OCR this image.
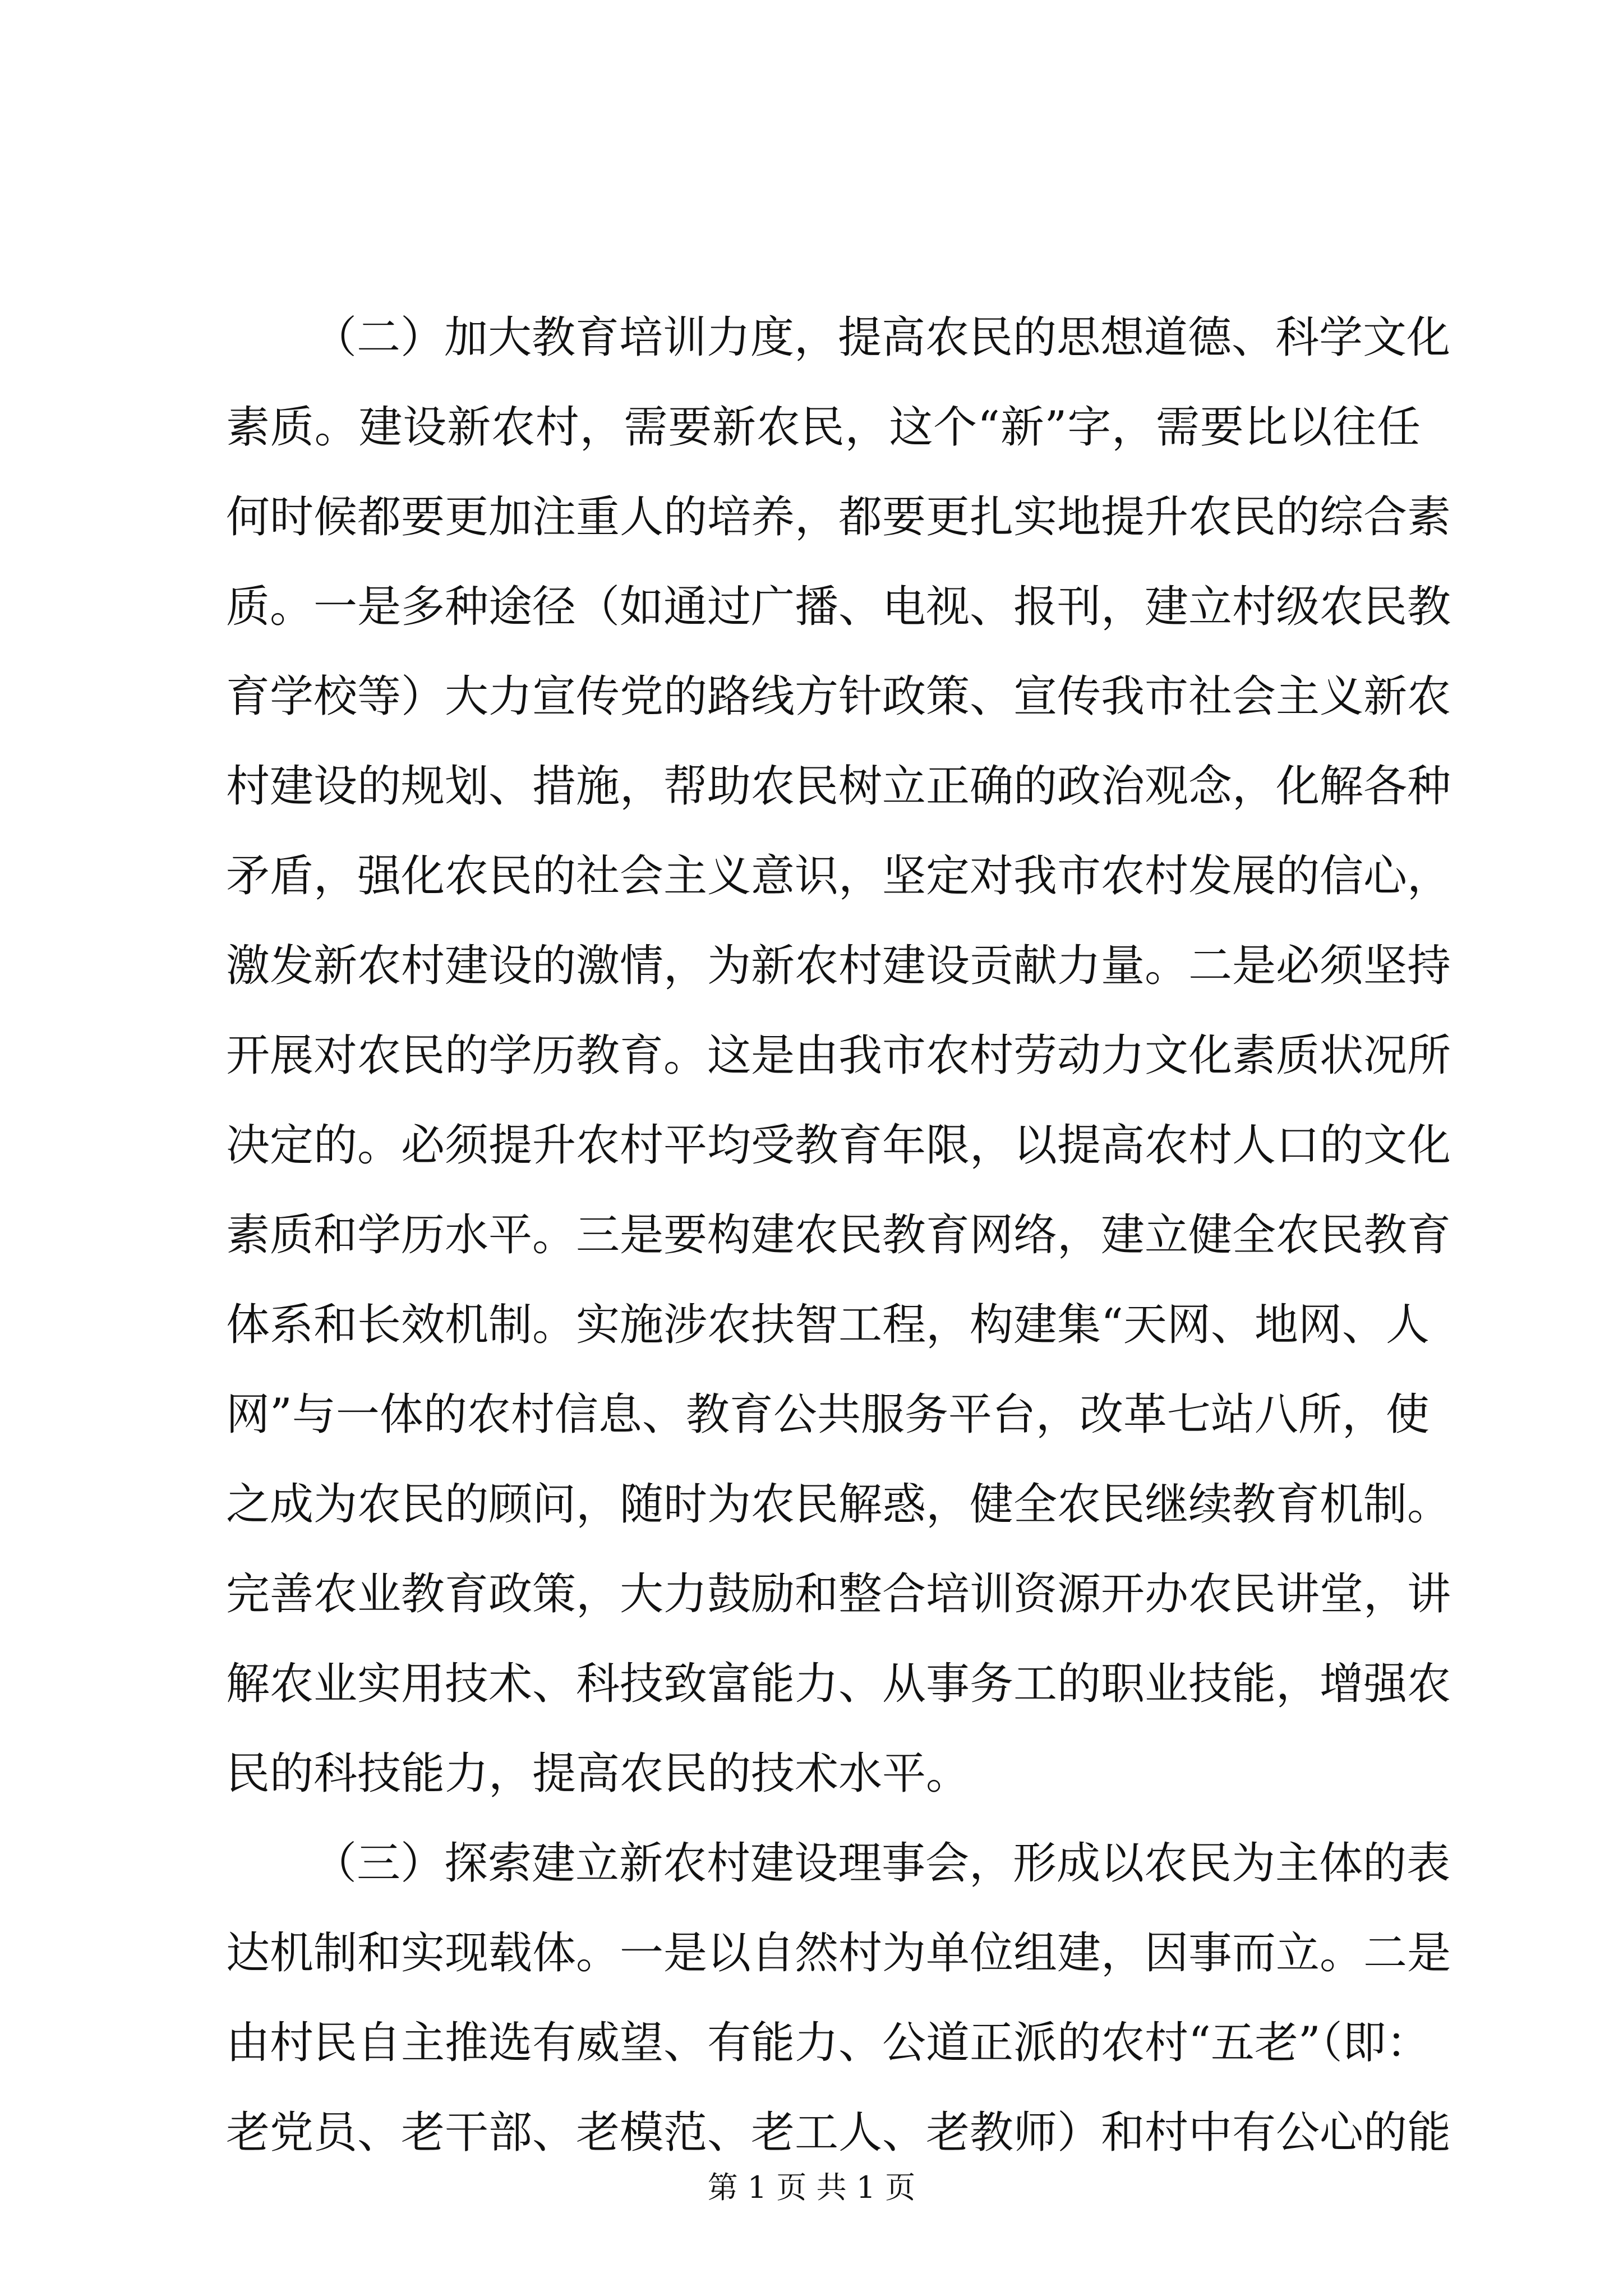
（二）加大教育培训力度，提高农民的思想道德、科学文化
素质。建设新农村，需要新农民，这个“新”字，需要比以往任
何时候都要更加注重人的培养，都要更扎实地提升农民的综合素
质。一是多种途径（如通过广播、电视、报刊，建立村级农民教
育学校等）大力宣传党的路线方针政策、宣传我市社会主义新农
村建设的规划、措施，帮助农民树立正确的政治观念，化解各种
矛盾，强化农民的社会主义意识，坚定对我市农村发展的信心，
激发新农村建设的激情，为新农村建设贡献力量。二是必须坚持
开展对农民的学历教育。这是由我市农村劳动力文化素质状况所
决定的。必须提升农村平均受教育年限，以提高农村人口的文化
素质和学历水平。三是要构建农民教育网络，建立健全农民教育
体系和长效机制。实施涉农扶智工程，构建集“天网、地网、人
网”与一体的农村信息、教育公共服务平台，改革七站八所，使
之成为农民的顾问，随时为农民解惑，健全农民继续教育机制。
完善农业教育政策，大力鼓励和整合培训资源开办农民讲堂，讲
解农业实用技术、科技致富能力、从事务工的职业技能，增强农
民的科技能力，提高农民的技术水平。
（三）探索建立新农村建设理事会，形成以农民为主体的表
达机制和实现载体。一是以自然村为单位组建，因事而立。二是
由村民自主推选有威望、有能力、公道正派的农村“五老”（即：
老党员、老干部、老模范、老工人、老教师）和村中有公心的能
第 1 页 共 1 页
